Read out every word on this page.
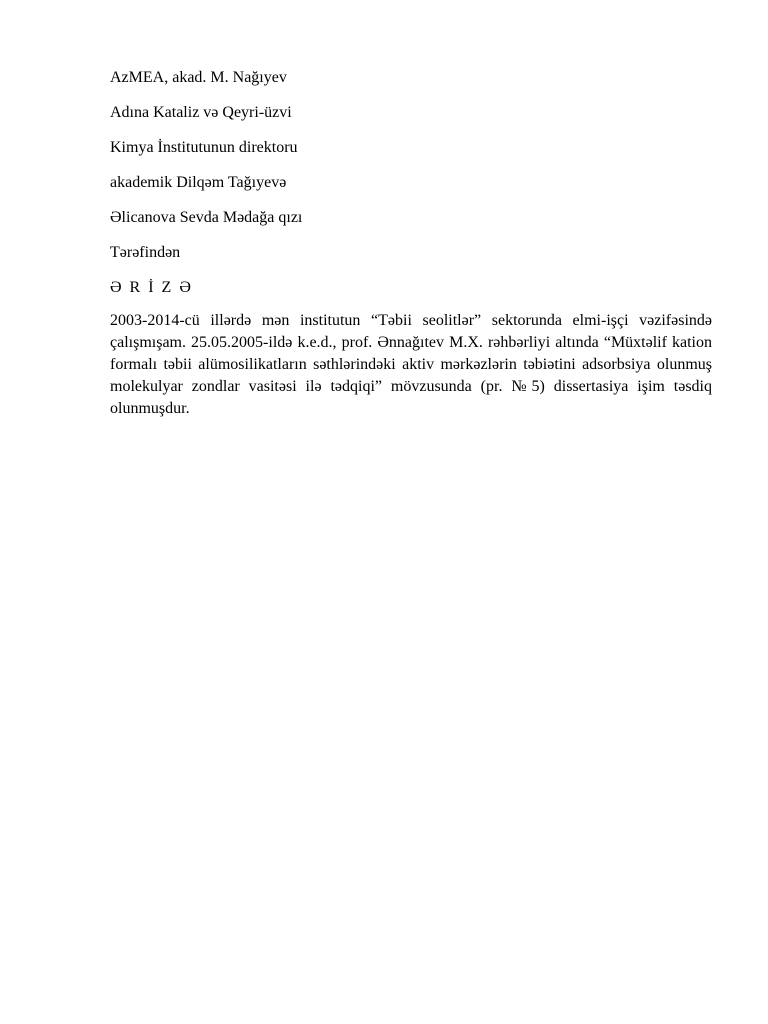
AzMEA, akad. M. Nağıyev

Adına Kataliz və Qeyri-üzvi

Kimya İnstitutunun direktoru

akademik Dilqəm Tağıyevə

Əlicanova Sevda Mədağa qızı

Tərəfindən

Ə R İ Z Ə

2003-2014-cü illərdə mən institutun “Təbii seolitlər” sektorunda elmi-işçi vəzifəsində çalışmışam. 25.05.2005-ildə k.e.d., prof. Ənnağıtev M.X. rəhbərliyi altında “Müxtəlif kation formalı təbii alümosilikatların səthlərindəki aktiv mərkəzlərin təbiətini adsorbsiya olunmuş molekulyar zondlar vasitəsi ilə tədqiqi” mövzusunda (pr. №5) dissertasiya işim təsdiq olunmuşdur.
